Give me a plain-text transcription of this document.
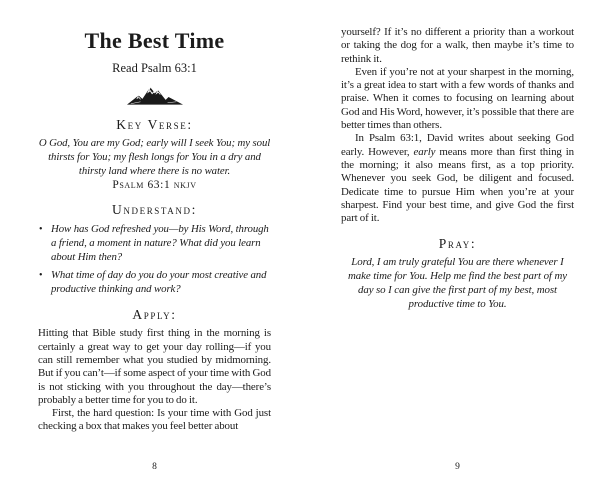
The Best Time
Read Psalm 63:1
Key Verse:
O God, You are my God; early will I seek You; my soul thirsts for You; my flesh longs for You in a dry and thirsty land where there is no water.
Psalm 63:1 nkjv
Understand:
• How has God refreshed you—by His Word, through a friend, a moment in nature? What did you learn about Him then?
• What time of day do you do your most creative and productive thinking and work?
Apply:

Hitting that Bible study first thing in the morning is certainly a great way to get your day rolling—if you can still remember what you studied by midmorning. But if you can’t—if some aspect of your time with God is not sticking with you throughout the day—there’s probably a better time for you to do it.

First, the hard question: Is your time with God just checking a box that makes you feel better about

8

yourself? If it’s no different a priority than a workout or taking the dog for a walk, then maybe it’s time to rethink it.

Even if you’re not at your sharpest in the morning, it’s a great idea to start with a few words of thanks and praise. When it comes to focusing on learning about God and His Word, however, it’s possible that there are better times than others.

In Psalm 63:1, David writes about seeking God early. However, early means more than first thing in the morning; it also means first, as a top priority. Whenever you seek God, be diligent and focused. Dedicate time to pursue Him when you’re at your sharpest. Find your best time, and give God the first part of it.

Pray:
Lord, I am truly grateful You are there whenever I make time for You. Help me find the best part of my day so I can give the first part of my best, most productive time to You.
9
